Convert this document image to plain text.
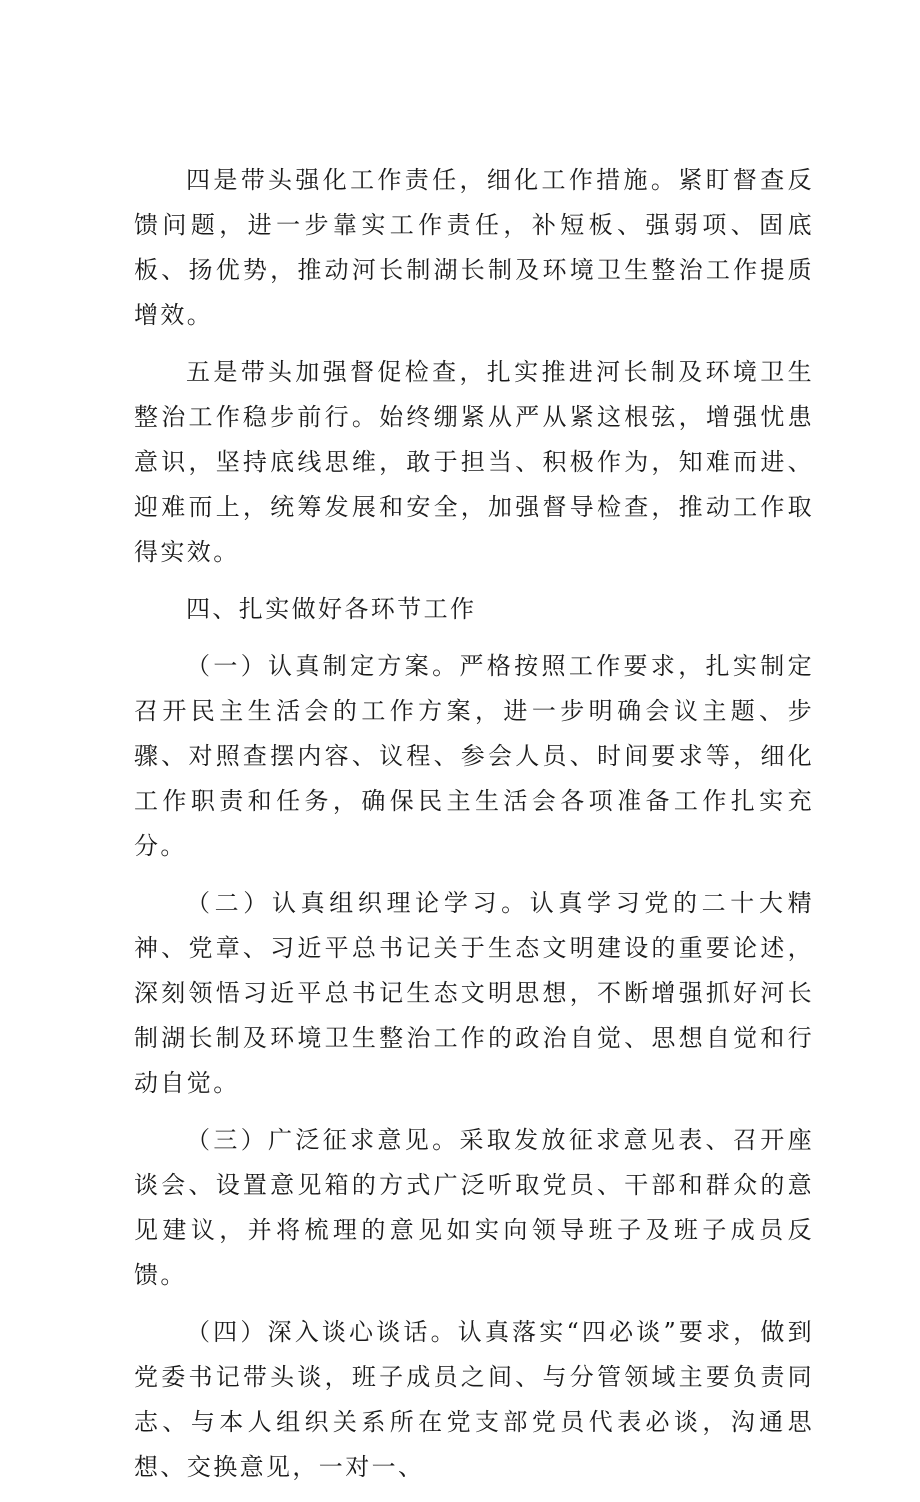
四是带头强化工作责任，细化工作措施。紧盯督查反馈问题，进一步靠实工作责任，补短板、强弱项、固底板、扬优势，推动河长制湖长制及环境卫生整治工作提质增效。

五是带头加强督促检查，扎实推进河长制及环境卫生整治工作稳步前行。始终绷紧从严从紧这根弦，增强忧患意识，坚持底线思维，敢于担当、积极作为，知难而进、迎难而上，统筹发展和安全，加强督导检查，推动工作取得实效。

四、扎实做好各环节工作

（一）认真制定方案。严格按照工作要求，扎实制定召开民主生活会的工作方案，进一步明确会议主题、步骤、对照查摆内容、议程、参会人员、时间要求等，细化工作职责和任务，确保民主生活会各项准备工作扎实充分。

（二）认真组织理论学习。认真学习党的二十大精神、党章、习近平总书记关于生态文明建设的重要论述，深刻领悟习近平总书记生态文明思想，不断增强抓好河长制湖长制及环境卫生整治工作的政治自觉、思想自觉和行动自觉。

（三）广泛征求意见。采取发放征求意见表、召开座谈会、设置意见箱的方式广泛听取党员、干部和群众的意见建议，并将梳理的意见如实向领导班子及班子成员反馈。

（四）深入谈心谈话。认真落实“四必谈”要求，做到党委书记带头谈，班子成员之间、与分管领域主要负责同志、与本人组织关系所在党支部党员代表必谈，沟通思想、交换意见，一对一、
